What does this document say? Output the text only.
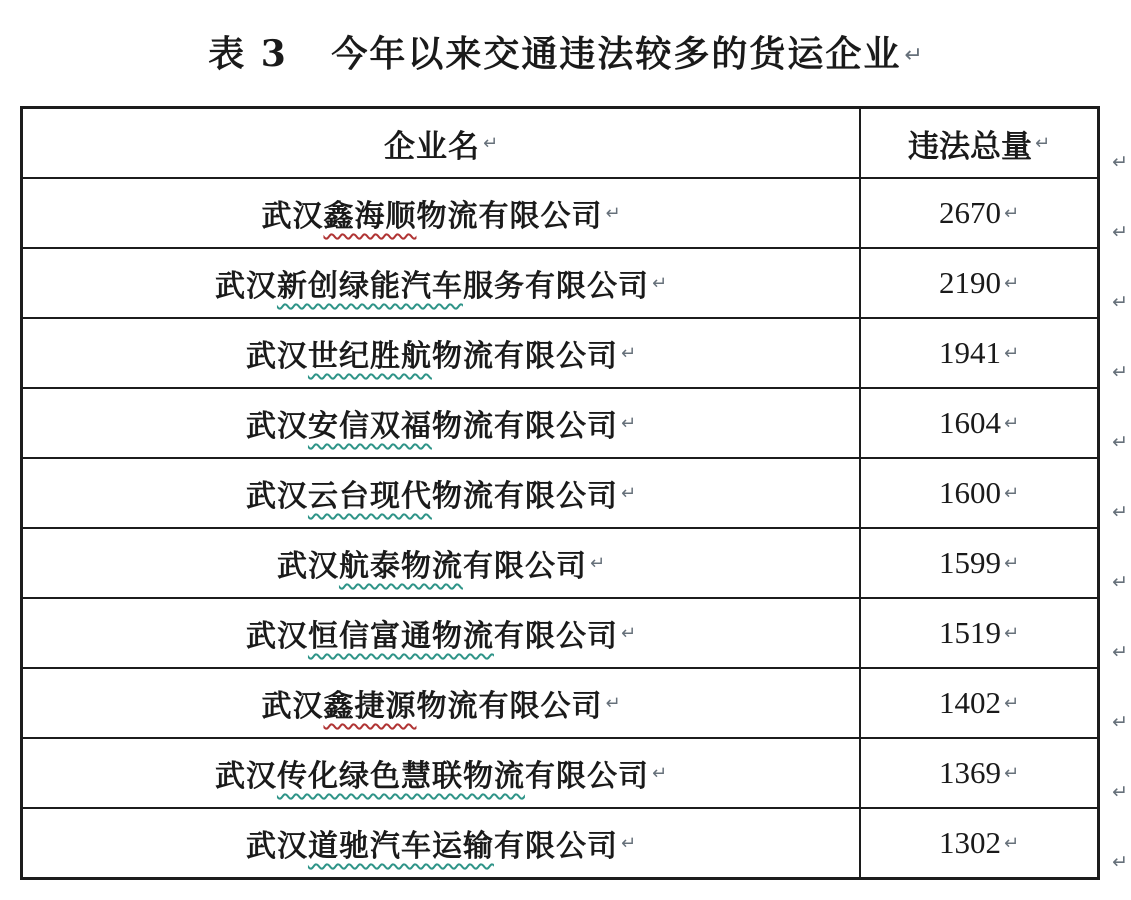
表 3   今年以来交通违法较多的货运企业 ↵
企业名 ↵	违法总量 ↵
↵
武汉 鑫海顺 物流有限公司 ↵	2670 ↵
↵
武汉 新创绿能汽车 服务有限公司 ↵	2190 ↵
↵
武汉 世纪胜航 物流有限公司 ↵	1941 ↵
↵
武汉 安信双福 物流有限公司 ↵	1604 ↵
↵
武汉 云台现代 物流有限公司 ↵	1600 ↵
↵
武汉 航泰物流 有限公司 ↵	1599 ↵
↵
武汉 恒信富通物流 有限公司 ↵	1519 ↵
↵
武汉 鑫捷源 物流有限公司 ↵	1402 ↵
↵
武汉 传化绿色慧联物流 有限公司 ↵	1369 ↵
↵
武汉 道驰汽车运输 有限公司 ↵	1302 ↵
↵
